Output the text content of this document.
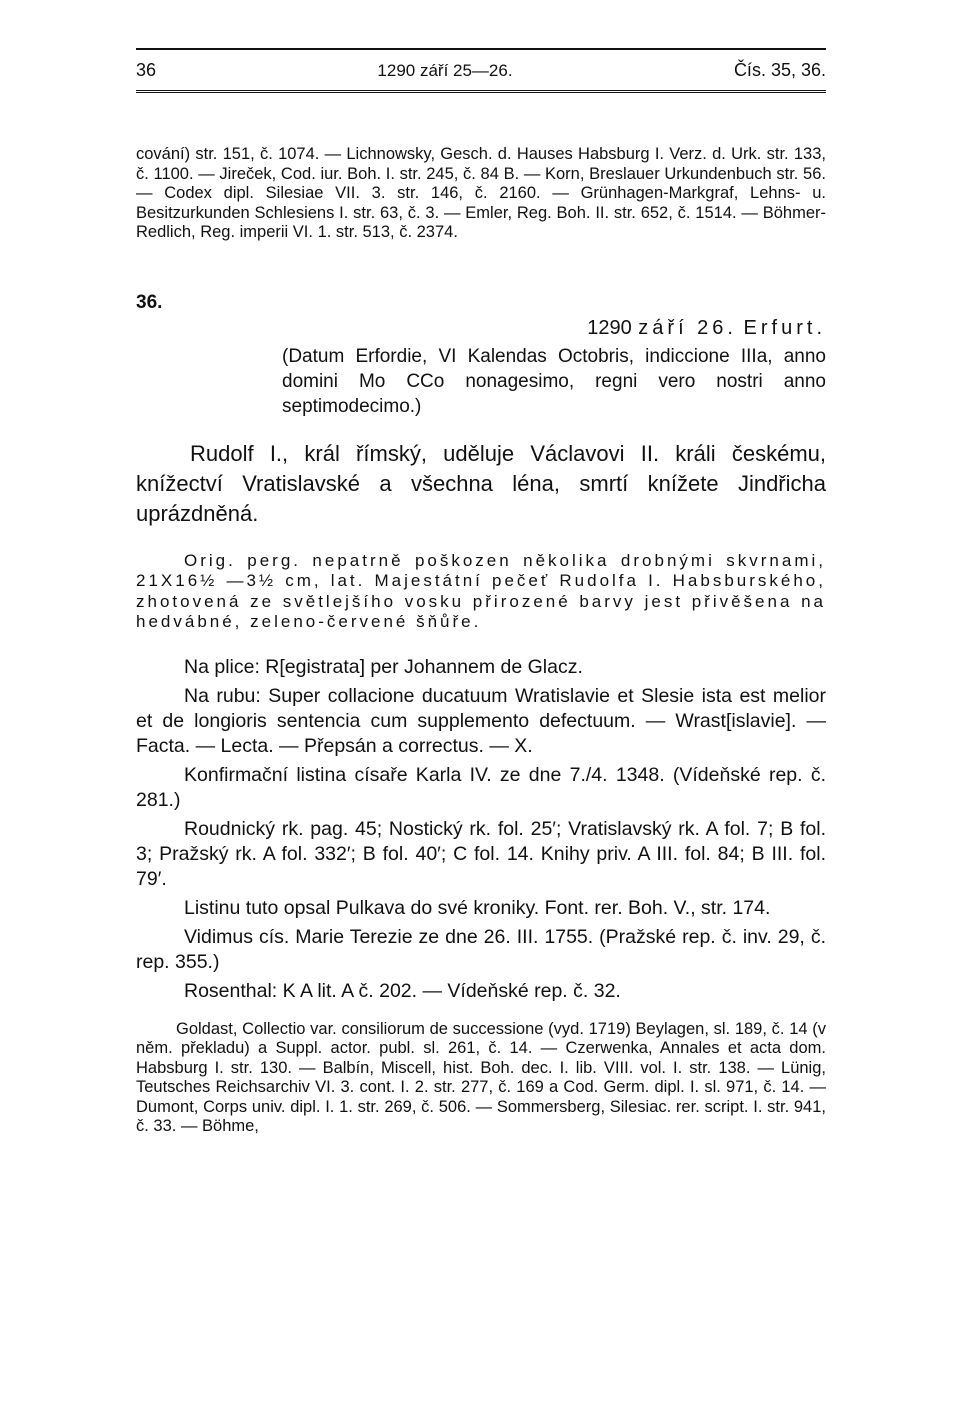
36	1290 září 25—26.	Čís. 35, 36.

cování) str. 151, č. 1074. — Lichnowsky, Gesch. d. Hauses Habsburg I. Verz. d. Urk. str. 133, č. 1100. — Jireček, Cod. iur. Boh. I. str. 245, č. 84 B. — Korn, Breslauer Urkundenbuch str. 56. — Codex dipl. Silesiae VII. 3. str. 146, č. 2160. — Grünhagen-Markgraf, Lehns- u. Besitzurkunden Schlesiens I. str. 63, č. 3. — Emler, Reg. Boh. II. str. 652, č. 1514. — Böhmer-Redlich, Reg. imperii VI. 1. str. 513, č. 2374.

36.
1290 září 26. Erfurt.

(Datum Erfordie, VI Kalendas Octobris, indiccione IIIa, anno domini Mo CCo nonagesimo, regni vero nostri anno septimodecimo.)

Rudolf I., král římský, uděluje Václavovi II. králi českému, knížectví Vratislavské a všechna léna, smrtí knížete Jindřicha uprázdněná.

Orig. perg. nepatrně poškozen několika drobnými skvrnami, 21X16½ —3½ cm, lat. Majestátní pečeť Rudolfa I. Habsburského, zhotovená ze světlejšího vosku přirozené barvy jest přivěšena na hedvábné, zeleno-červené šňůře.

Na plice: R[egistrata] per Johannem de Glacz.

Na rubu: Super collacione ducatuum Wratislavie et Slesie ista est melior et de longioris sentencia cum supplemento defectuum. — Wrast[islavie]. — Facta. — Lecta. — Přepsán a correctus. — X.

Konfirmační listina císaře Karla IV. ze dne 7./4. 1348. (Vídeňské rep. č. 281.)

Roudnický rk. pag. 45; Nostický rk. fol. 25′; Vratislavský rk. A fol. 7; B fol. 3; Pražský rk. A fol. 332′; B fol. 40′; C fol. 14. Knihy priv. A III. fol. 84; B III. fol. 79′.

Listinu tuto opsal Pulkava do své kroniky. Font. rer. Boh. V., str. 174.

Vidimus cís. Marie Terezie ze dne 26. III. 1755. (Pražské rep. č. inv. 29, č. rep. 355.)

Rosenthal: K A lit. A č. 202. — Vídeňské rep. č. 32.

Goldast, Collectio var. consiliorum de successione (vyd. 1719) Beylagen, sl. 189, č. 14 (v něm. překladu) a Suppl. actor. publ. sl. 261, č. 14. — Czerwenka, Annales et acta dom. Habsburg I. str. 130. — Balbín, Miscell, hist. Boh. dec. I. lib. VIII. vol. I. str. 138. — Lünig, Teutsches Reichsarchiv VI. 3. cont. I. 2. str. 277, č. 169 a Cod. Germ. dipl. I. sl. 971, č. 14. — Dumont, Corps univ. dipl. I. 1. str. 269, č. 506. — Sommersberg, Silesiac. rer. script. I. str. 941, č. 33. — Böhme,
